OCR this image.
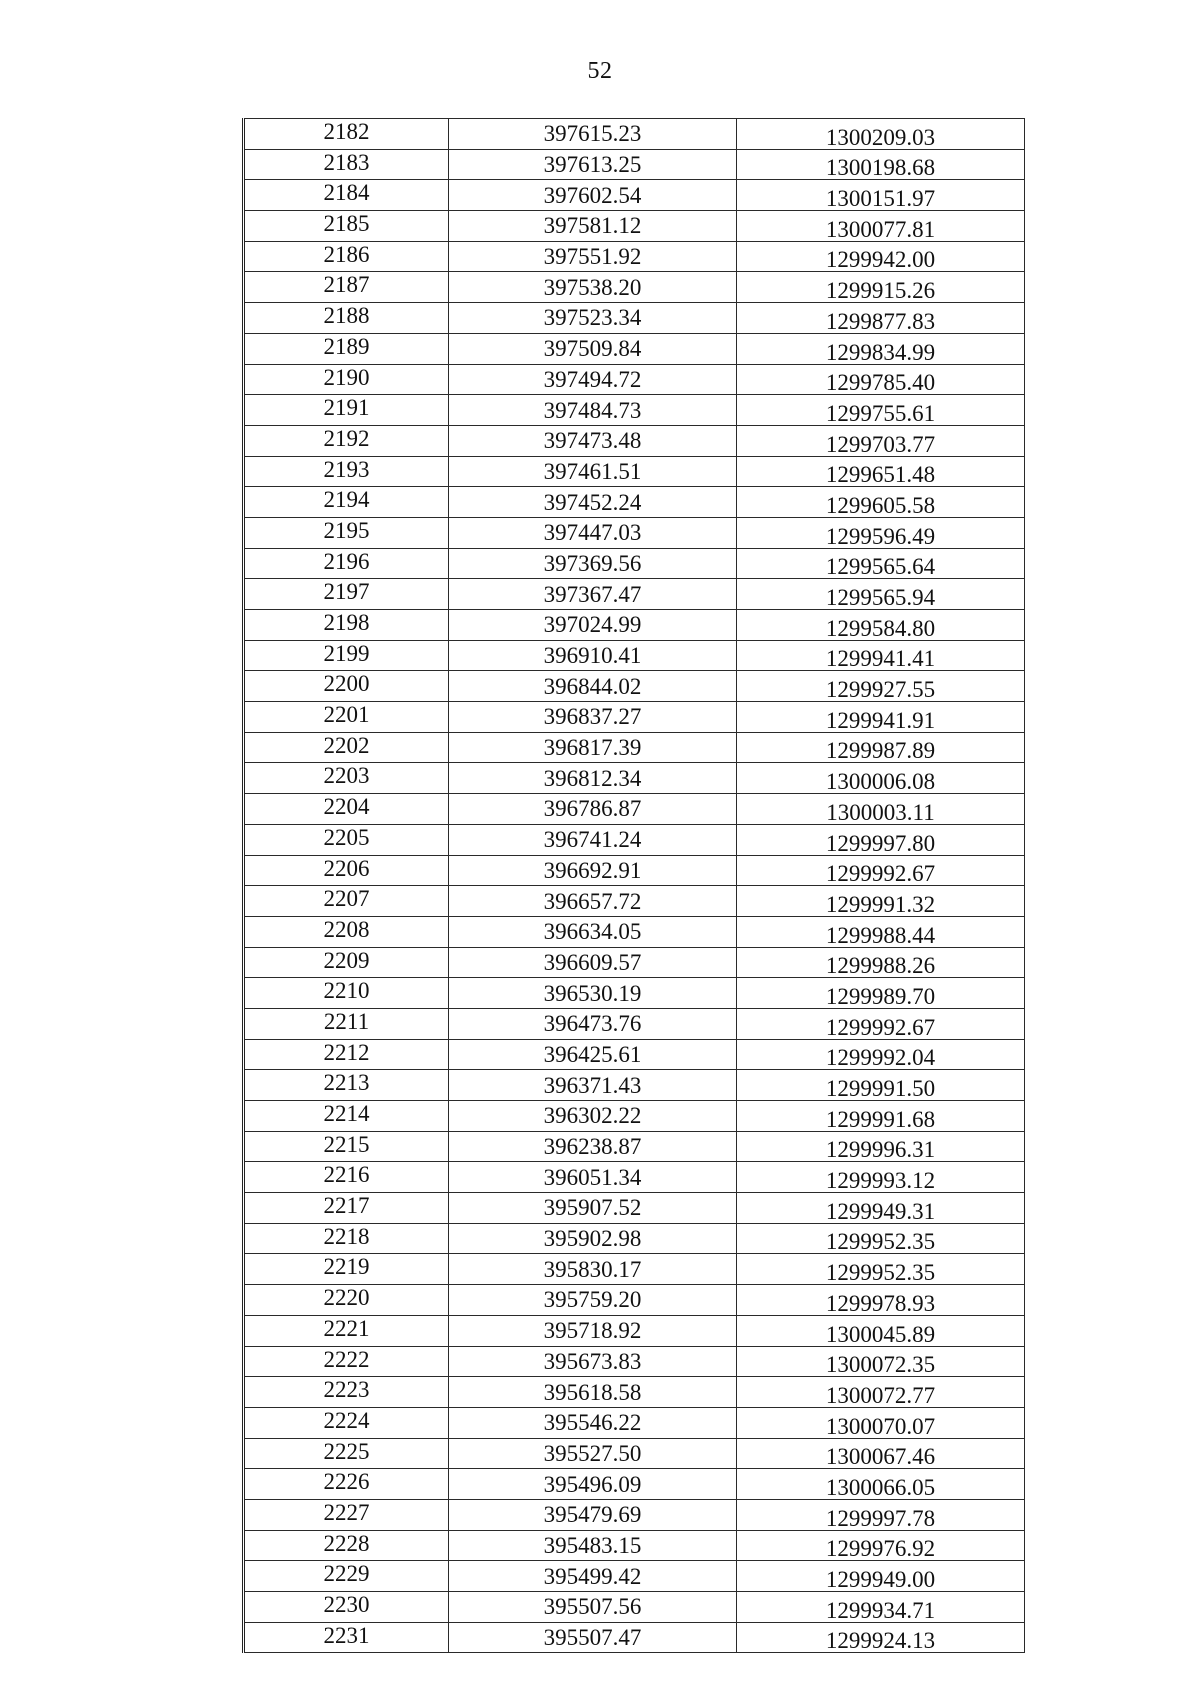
52
2182	397615.23	1300209.03
2183	397613.25	1300198.68
2184	397602.54	1300151.97
2185	397581.12	1300077.81
2186	397551.92	1299942.00
2187	397538.20	1299915.26
2188	397523.34	1299877.83
2189	397509.84	1299834.99
2190	397494.72	1299785.40
2191	397484.73	1299755.61
2192	397473.48	1299703.77
2193	397461.51	1299651.48
2194	397452.24	1299605.58
2195	397447.03	1299596.49
2196	397369.56	1299565.64
2197	397367.47	1299565.94
2198	397024.99	1299584.80
2199	396910.41	1299941.41
2200	396844.02	1299927.55
2201	396837.27	1299941.91
2202	396817.39	1299987.89
2203	396812.34	1300006.08
2204	396786.87	1300003.11
2205	396741.24	1299997.80
2206	396692.91	1299992.67
2207	396657.72	1299991.32
2208	396634.05	1299988.44
2209	396609.57	1299988.26
2210	396530.19	1299989.70
2211	396473.76	1299992.67
2212	396425.61	1299992.04
2213	396371.43	1299991.50
2214	396302.22	1299991.68
2215	396238.87	1299996.31
2216	396051.34	1299993.12
2217	395907.52	1299949.31
2218	395902.98	1299952.35
2219	395830.17	1299952.35
2220	395759.20	1299978.93
2221	395718.92	1300045.89
2222	395673.83	1300072.35
2223	395618.58	1300072.77
2224	395546.22	1300070.07
2225	395527.50	1300067.46
2226	395496.09	1300066.05
2227	395479.69	1299997.78
2228	395483.15	1299976.92
2229	395499.42	1299949.00
2230	395507.56	1299934.71
2231	395507.47	1299924.13
